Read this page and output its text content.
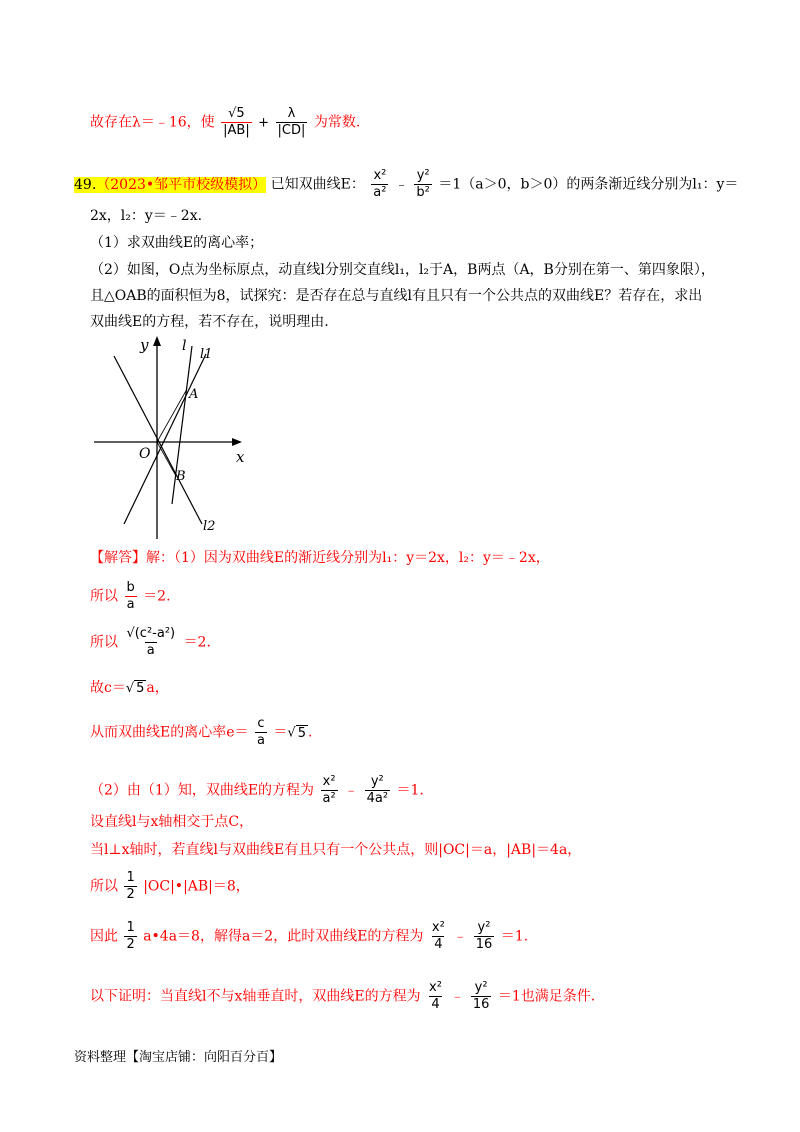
故存在λ＝﹣16，使 $\frac{√5}{|AB|} + \frac{\lambda}{|CD|}$ 为常数.
49.（2023•邹平市校级模拟） 已知双曲线E： $\frac{\text{x²}}{\text{a²}}$ ﹣ $\frac{\text{y²}}{\text{b²}} =1(a>0$，b＞0）的两条渐近线分别为l₁：y＝
2x，l₂：y＝﹣2x.
（1）求双曲线E的离心率；
（2）如图，O点为坐标原点，动直线l分别交直线l₁，l₂于A，B两点（A，B分别在第一、第四象限），
且△OAB的面积恒为8，试探究：是否存在总与直线l有且只有一个公共点的双曲线E？若存在，求出
双曲线E的方程，若不存在，说明理由.
y
x
O
A
B
l
l1
l2
【解答】解：（1）因为双曲线E的渐近线分别为l₁：y＝2x，l₂：y＝﹣2x，
所以 $\frac{b}{a} =2$.
所以 $\frac{\text{√(c²-a²)}}{a} =2$.
故c＝√ 5 a，
从而双曲线E的离心率$e= \frac{c}{a}$ ＝√ 5 .
（2）由（1）知，双曲线E的方程为 $\frac{\text{x²}}{\text{a²}}$ ﹣ $\frac{\text{y²}}{\text{4a²}} =1$.
设直线l与x轴相交于点C，
当l⊥x轴时，若直线l与双曲线E有且只有一个公共点，则|OC|＝a，|AB|＝4a，
所以 $\frac{1}{2}$ |OC|•|AB|＝8，
因此 $\frac{1}{2}$ a•4a＝8，解得a＝2，此时双曲线E的方程为 $\frac{\text{x²}}{4}$ ﹣ $\frac{\text{y²}}{16} =1$.
以下证明：当直线l不与x轴垂直时，双曲线E的方程为 $\frac{\text{x²}}{4}$ ﹣ $\frac{\text{y²}}{16} =1$也满足条件.
资料整理【淘宝店铺：向阳百分百】
